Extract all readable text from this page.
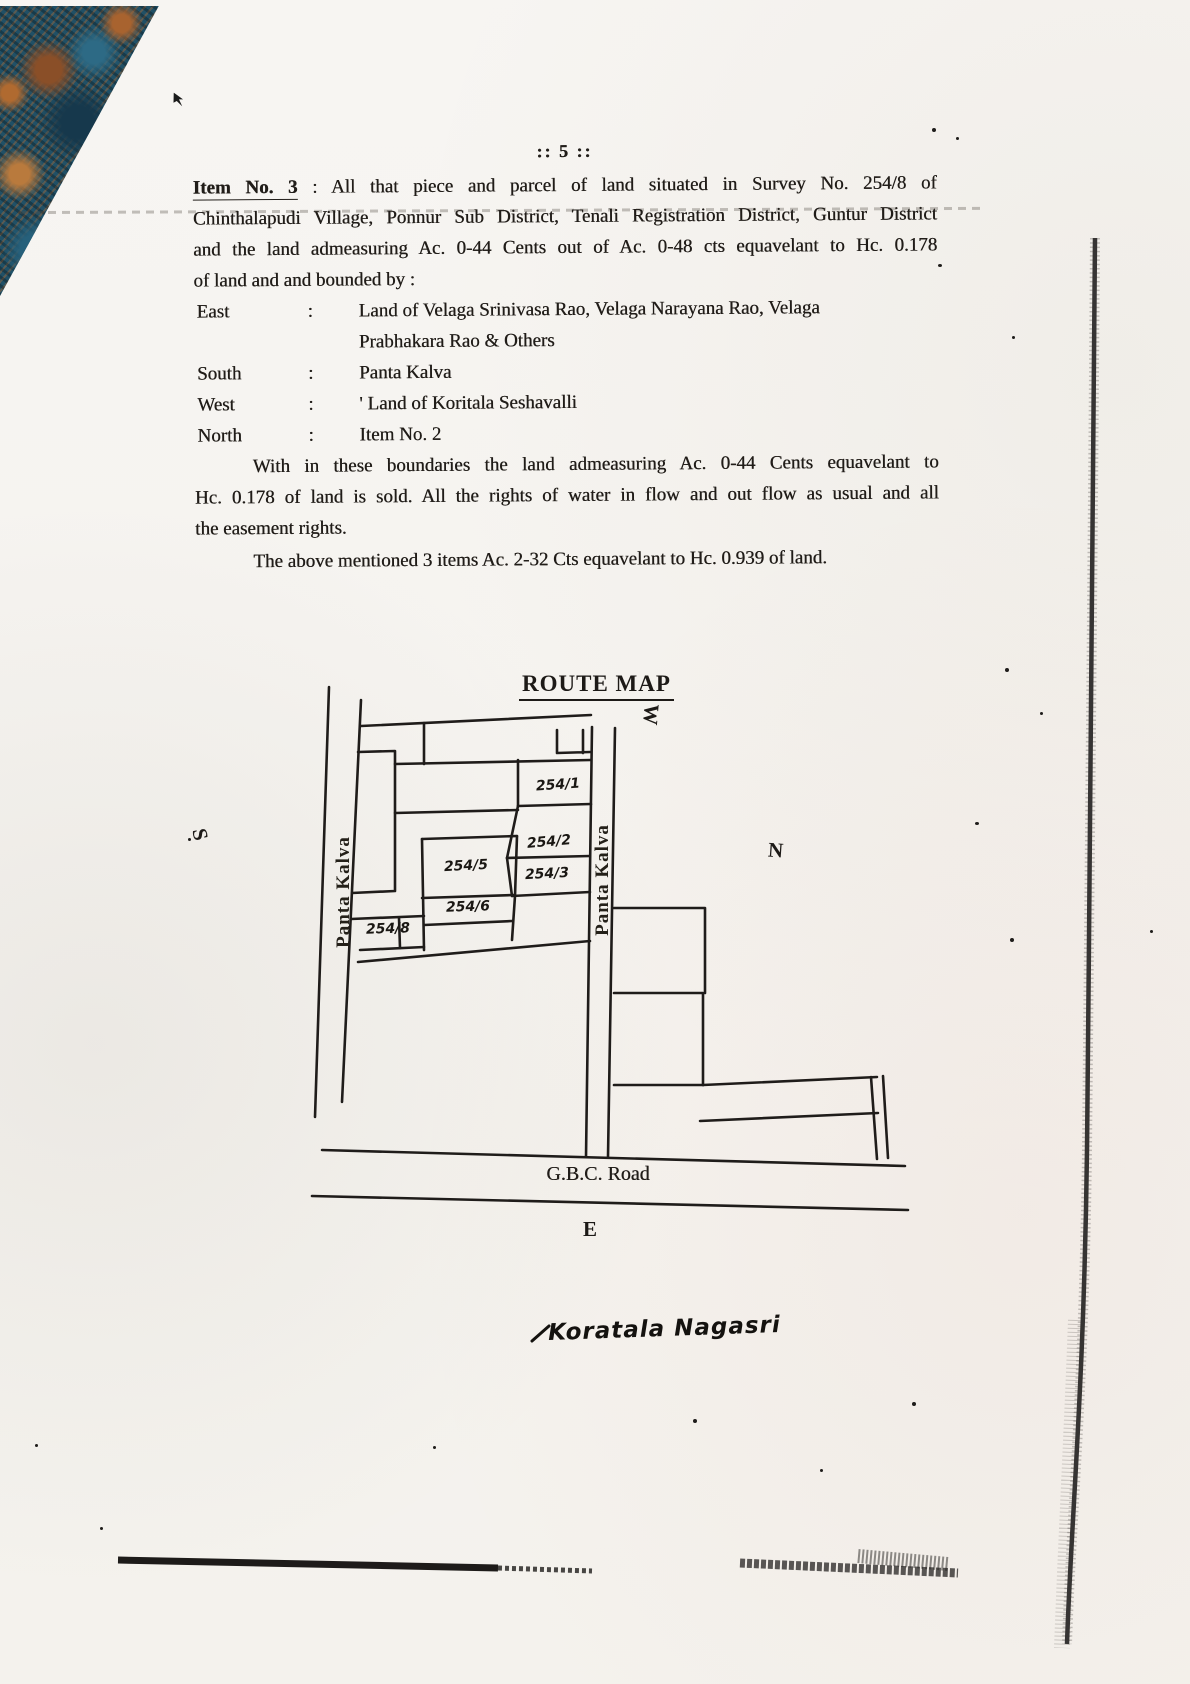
:: 5 ::
Item No. 3 : All that piece and parcel of land situated in Survey No. 254/8 of
Chinthalapudi Village, Ponnur Sub District, Tenali Registration District, Guntur District
and the land admeasuring Ac. 0-44 Cents out of Ac. 0-48 cts equavelant to Hc. 0.178
of land and and bounded by :
East	: Land of Velaga Srinivasa Rao, Velaga Narayana Rao, Velaga
Prabhakara Rao & Others
South	: Panta Kalva
West	: ' Land of Koritala Seshavalli
North	: Item No. 2
With in these boundaries the land admeasuring Ac. 0-44 Cents equavelant to
Hc. 0.178 of land is sold. All the rights of water in flow and out flow as usual and all
the easement rights.
The above mentioned 3 items Ac. 2-32 Cts equavelant to Hc. 0.939 of land.
ROUTE MAP
W
S
N
E
Panta Kalva	Panta Kalva
254/1
254/2
254/3
254/5
254/6
254/8
G.B.C. Road
Koratala Nagasri
